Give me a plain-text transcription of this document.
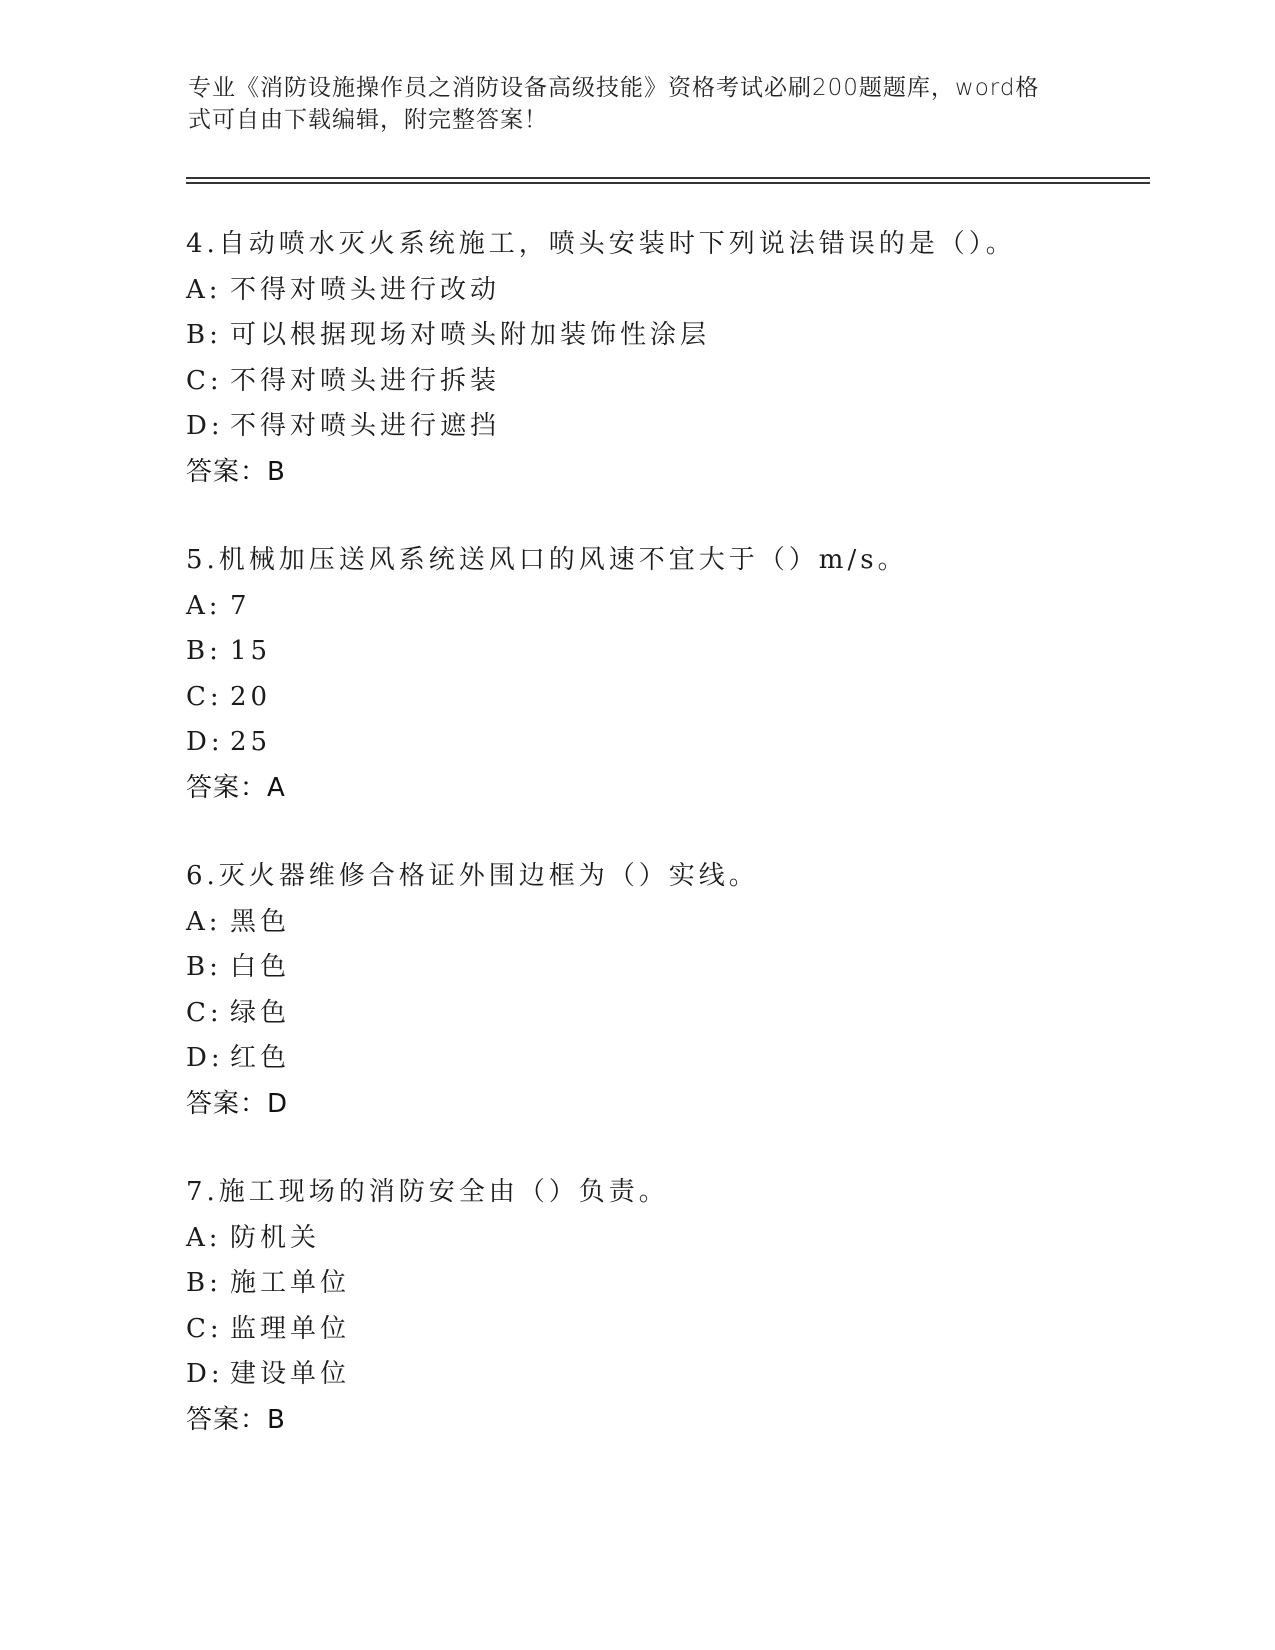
专业《消防设施操作员之消防设备高级技能》资格考试必刷200题题库，word格
式可自由下载编辑，附完整答案！
4.自动喷水灭火系统施工，喷头安装时下列说法错误的是（）。
A: 不得对喷头进行改动
B: 可以根据现场对喷头附加装饰性涂层
C: 不得对喷头进行拆装
D: 不得对喷头进行遮挡
答案：B
5.机械加压送风系统送风口的风速不宜大于（）m/s。
A: 7
B: 15
C: 20
D: 25
答案：A
6.灭火器维修合格证外围边框为（）实线。
A: 黑色
B: 白色
C: 绿色
D: 红色
答案：D
7.施工现场的消防安全由（）负责。
A: 防机关
B: 施工单位
C: 监理单位
D: 建设单位
答案：B
